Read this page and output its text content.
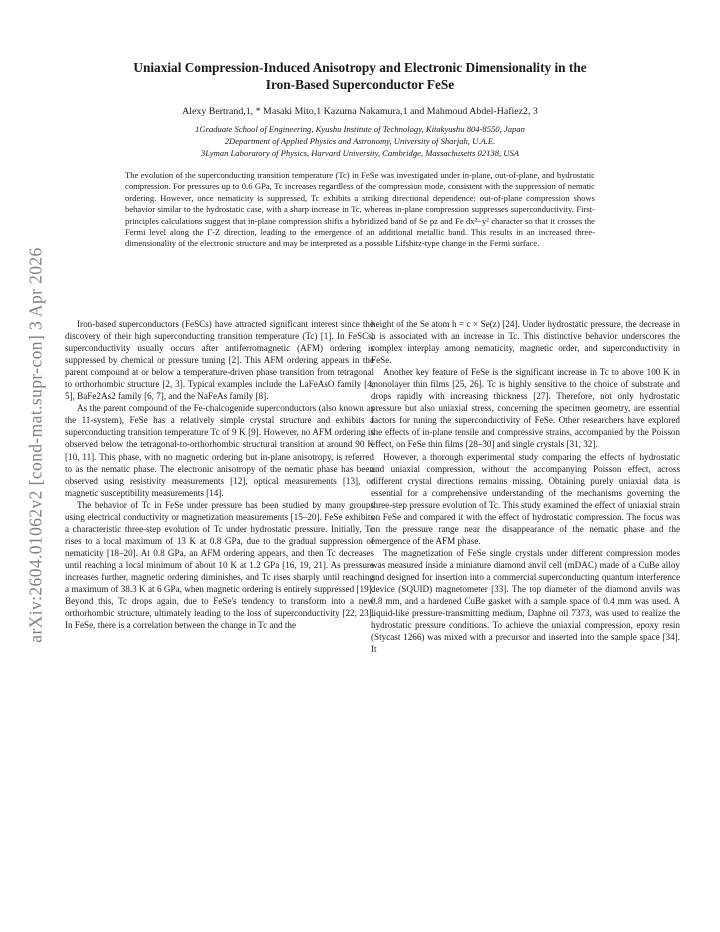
arXiv:2604.01062v2 [cond-mat.supr-con] 3 Apr 2026
Uniaxial Compression-Induced Anisotropy and Electronic Dimensionality in the
Iron-Based Superconductor FeSe
Alexy Bertrand,1, * Masaki Mito,1 Kazuma Nakamura,1 and Mahmoud Abdel-Hafiez2, 3
1Graduate School of Engineering, Kyushu Institute of Technology, Kitakyushu 804-8550, Japan
2Department of Applied Physics and Astronomy, University of Sharjah, U.A.E.
3Lyman Laboratory of Physics, Harvard University, Cambridge, Massachusetts 02138, USA
The evolution of the superconducting transition temperature (Tc) in FeSe was investigated under in-plane, out-of-plane, and hydrostatic compression. For pressures up to 0.6 GPa, Tc increases regardless of the compression mode, consistent with the suppression of nematic ordering. However, once nematicity is suppressed, Tc exhibits a striking directional dependence: out-of-plane compression shows behavior similar to the hydrostatic case, with a sharp increase in Tc, whereas in-plane compression suppresses superconductivity. First-principles calculations suggest that in-plane compression shifts a hybridized band of Se pz and Fe dx²−y² character so that it crosses the Fermi level along the Γ-Z direction, leading to the emergence of an additional metallic band. This results in an increased three-dimensionality of the electronic structure and may be interpreted as a possible Lifshitz-type change in the Fermi surface.

Iron-based superconductors (FeSCs) have attracted significant interest since the discovery of their high superconducting transition temperature (Tc) [1]. In FeSCs, superconductivity usually occurs after antiferromagnetic (AFM) ordering is suppressed by chemical or pressure tuning [2]. This AFM ordering appears in the parent compound at or below a temperature-driven phase transition from tetragonal to orthorhombic structure [2, 3]. Typical examples include the LaFeAsO family [4, 5], BaFe2As2 family [6, 7], and the NaFeAs family [8].

As the parent compound of the Fe-chalcogenide superconductors (also known as the 11-system), FeSe has a relatively simple crystal structure and exhibits a superconducting transition temperature Tc of 9 K [9]. However, no AFM ordering is observed below the tetragonal-to-orthorhombic structural transition at around 90 K [10, 11]. This phase, with no magnetic ordering but in-plane anisotropy, is referred to as the nematic phase. The electronic anisotropy of the nematic phase has been observed using resistivity measurements [12], optical measurements [13], or magnetic susceptibility measurements [14].

The behavior of Tc in FeSe under pressure has been studied by many groups using electrical conductivity or magnetization measurements [15–20]. FeSe exhibits a characteristic three-step evolution of Tc under hydrostatic pressure. Initially, Tc rises to a local maximum of 13 K at 0.8 GPa, due to the gradual suppression of nematicity [18–20]. At 0.8 GPa, an AFM ordering appears, and then Tc decreases until reaching a local minimum of about 10 K at 1.2 GPa [16, 19, 21]. As pressure increases further, magnetic ordering diminishes, and Tc rises sharply until reaching a maximum of 38.3 K at 6 GPa, when magnetic ordering is entirely suppressed [19]. Beyond this, Tc drops again, due to FeSe's tendency to transform into a new orthorhombic structure, ultimately leading to the loss of superconductivity [22, 23]. In FeSe, there is a correlation between the change in Tc and the

height of the Se atom h = c × Se(z) [24]. Under hydrostatic pressure, the decrease in h is associated with an increase in Tc. This distinctive behavior underscores the complex interplay among nematicity, magnetic order, and superconductivity in FeSe.

Another key feature of FeSe is the significant increase in Tc to above 100 K in monolayer thin films [25, 26]. Tc is highly sensitive to the choice of substrate and drops rapidly with increasing thickness [27]. Therefore, not only hydrostatic pressure but also uniaxial stress, concerning the specimen geometry, are essential factors for tuning the superconductivity of FeSe. Other researchers have explored the effects of in-plane tensile and compressive strains, accompanied by the Poisson effect, on FeSe thin films [28–30] and single crystals [31, 32].

However, a thorough experimental study comparing the effects of hydrostatic and uniaxial compression, without the accompanying Poisson effect, across different crystal directions remains missing. Obtaining purely uniaxial data is essential for a comprehensive understanding of the mechanisms governing the three-step pressure evolution of Tc. This study examined the effect of uniaxial strain on FeSe and compared it with the effect of hydrostatic compression. The focus was on the pressure range near the disappearance of the nematic phase and the emergence of the AFM phase.

The magnetization of FeSe single crystals under different compression modes was measured inside a miniature diamond anvil cell (mDAC) made of a CuBe alloy and designed for insertion into a commercial superconducting quantum interference device (SQUID) magnetometer [33]. The top diameter of the diamond anvils was 0.8 mm, and a hardened CuBe gasket with a sample space of 0.4 mm was used. A liquid-like pressure-transmitting medium, Daphne oil 7373, was used to realize the hydrostatic pressure conditions. To achieve the uniaxial compression, epoxy resin (Stycast 1266) was mixed with a precursor and inserted into the sample space [34]. It
